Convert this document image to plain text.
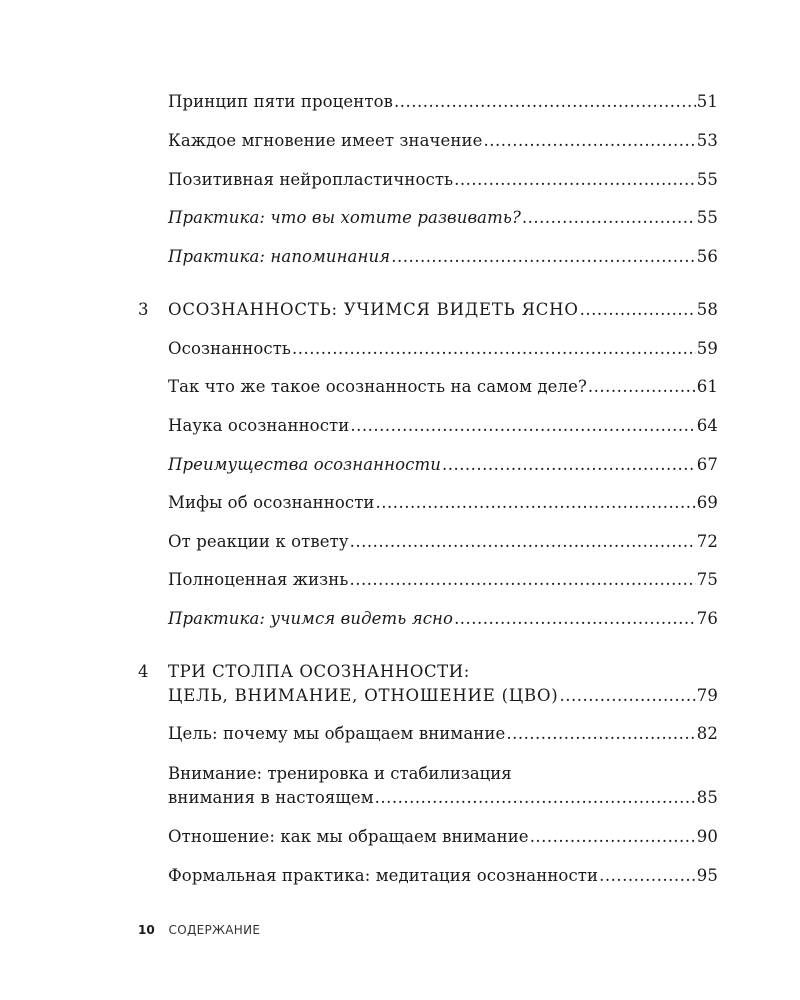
Принцип пяти процентов .....	51
Каждое мгновение имеет значение .....	53
Позитивная нейропластичность .....	55
Практика: что вы хотите развивать? .....	55
Практика: напоминания .....	56
3 ОСОЗНАННОСТЬ: УЧИМСЯ ВИДЕТЬ ЯСНО .....	58
Осознанность .....	59
Так что же такое осознанность на самом деле? .....	61
Наука осознанности .....	64
Преимущества осознанности .....	67
Мифы об осознанности .....	69
От реакции к ответу .....	72
Полноценная жизнь .....	75
Практика: учимся видеть ясно .....	76
4 ТРИ СТОЛПА ОСОЗНАННОСТИ:
ЦЕЛЬ, ВНИМАНИЕ, ОТНОШЕНИЕ (ЦВО) .....	79
Цель: почему мы обращаем внимание .....	82
Внимание: тренировка и стабилизация
внимания в настоящем .....	85
Отношение: как мы обращаем внимание .....	90
Формальная практика: медитация осознанности .....	95
10 СОДЕРЖАНИЕ
